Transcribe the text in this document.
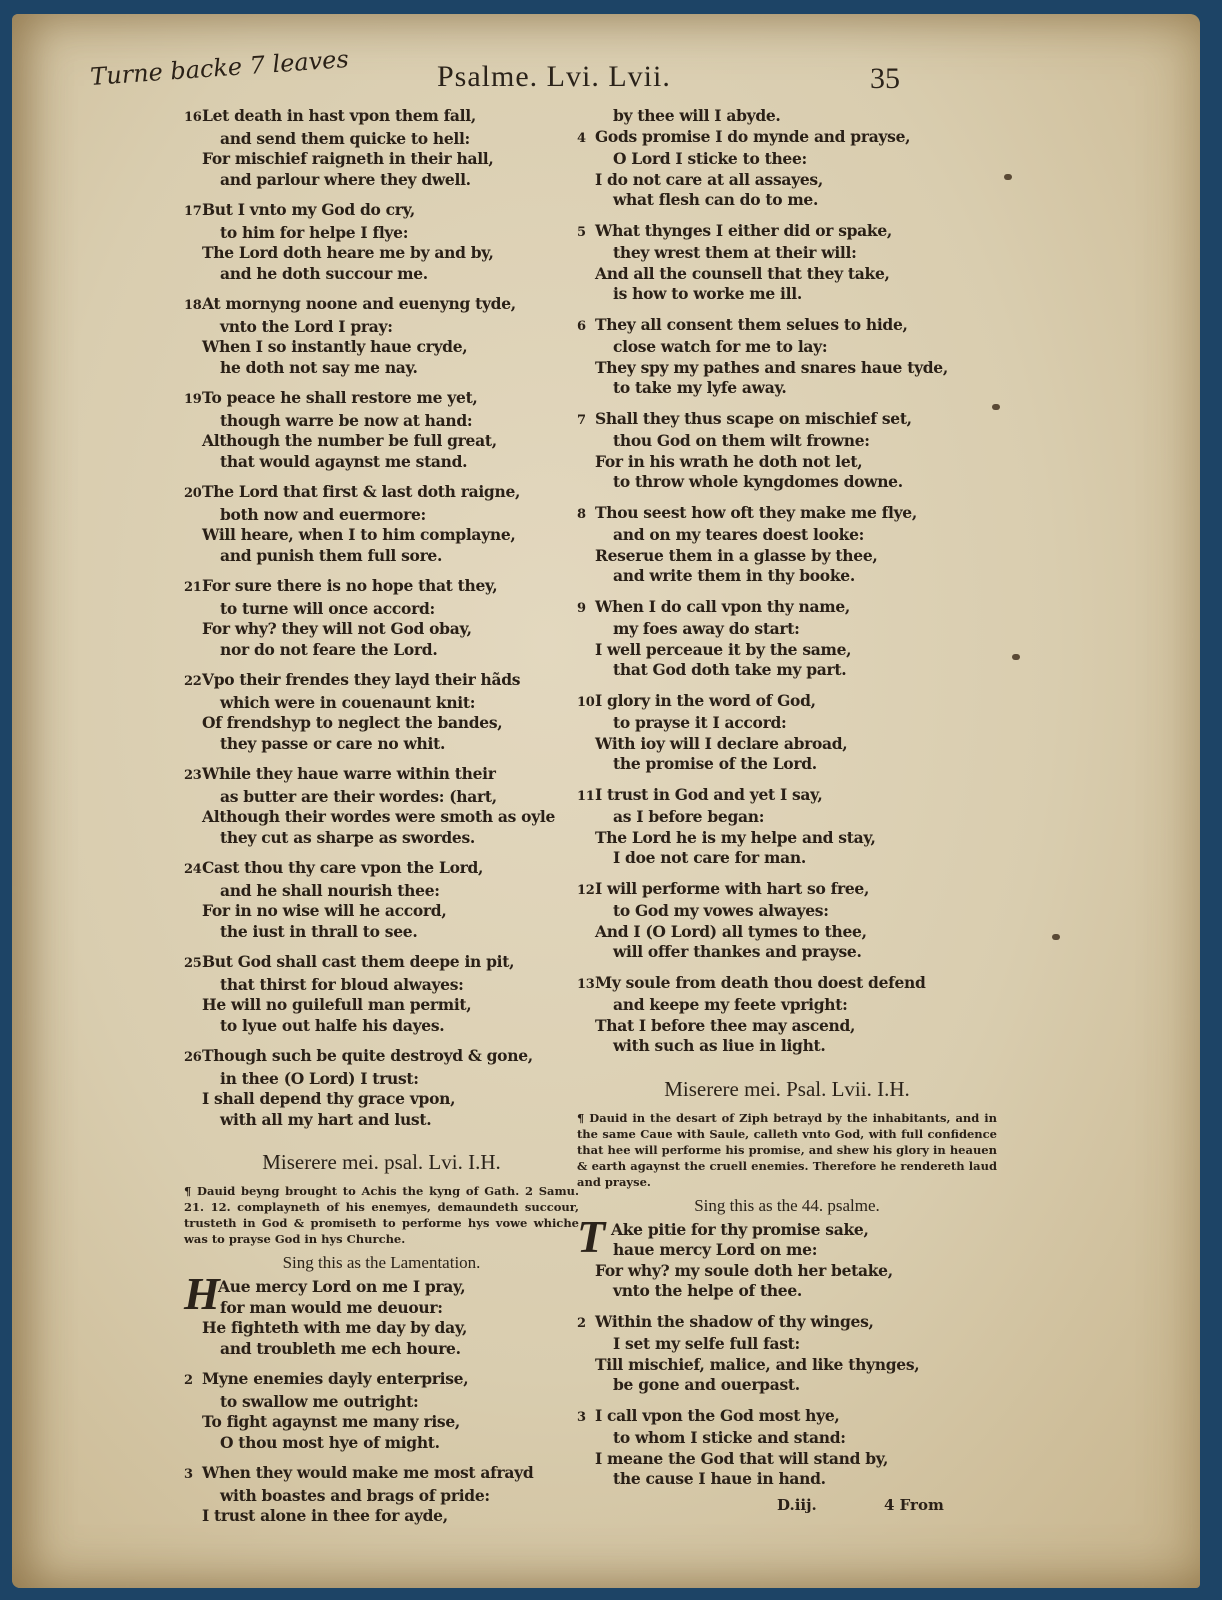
Turne backe 7 leaves	Psalme. Lvi. Lvii.	35
16Let death in hast vpon them fall,
and send them quicke to hell:
For mischief raigneth in their hall,
and parlour where they dwell.
17But I vnto my God do cry,
to him for helpe I flye:
The Lord doth heare me by and by,
and he doth succour me.
18At mornyng noone and euenyng tyde,
vnto the Lord I pray:
When I so instantly haue cryde,
he doth not say me nay.
19To peace he shall restore me yet,
though warre be now at hand:
Although the number be full great,
that would agaynst me stand.
20The Lord that first & last doth raigne,
both now and euermore:
Will heare, when I to him complayne,
and punish them full sore.
21For sure there is no hope that they,
to turne will once accord:
For why? they will not God obay,
nor do not feare the Lord.
22Vpo their frendes they layd their hãds
which were in couenaunt knit:
Of frendshyp to neglect the bandes,
they passe or care no whit.
23While they haue warre within their
as butter are their wordes: (hart,
Although their wordes were smoth as oyle
they cut as sharpe as swordes.
24Cast thou thy care vpon the Lord,
and he shall nourish thee:
For in no wise will he accord,
the iust in thrall to see.
25But God shall cast them deepe in pit,
that thirst for bloud alwayes:
He will no guilefull man permit,
to lyue out halfe his dayes.
26Though such be quite destroyd & gone,
in thee (O Lord) I trust:
I shall depend thy grace vpon,
with all my hart and lust.
Miserere mei. psal. Lvi. I.H.
¶ Dauid beyng brought to Achis the kyng of Gath. 2 Samu. 21. 12. complayneth of his enemyes, demaundeth succour, trusteth in God & promiseth to performe hys vowe whiche was to prayse God in hys Churche.
Sing this as the Lamentation.
H
Aue mercy Lord on me I pray,
for man would me deuour:
He fighteth with me day by day,
and troubleth me ech houre.
2 Myne enemies dayly enterprise,
to swallow me outright:
To fight agaynst me many rise,
O thou most hye of might.
3 When they would make me most afrayd
with boastes and brags of pride:
I trust alone in thee for ayde,
by thee will I abyde.
4 Gods promise I do mynde and prayse,
O Lord I sticke to thee:
I do not care at all assayes,
what flesh can do to me.
5 What thynges I either did or spake,
they wrest them at their will:
And all the counsell that they take,
is how to worke me ill.
6 They all consent them selues to hide,
close watch for me to lay:
They spy my pathes and snares haue tyde,
to take my lyfe away.
7 Shall they thus scape on mischief set,
thou God on them wilt frowne:
For in his wrath he doth not let,
to throw whole kyngdomes downe.
8 Thou seest how oft they make me flye,
and on my teares doest looke:
Reserue them in a glasse by thee,
and write them in thy booke.
9 When I do call vpon thy name,
my foes away do start:
I well perceaue it by the same,
that God doth take my part.
10I glory in the word of God,
to prayse it I accord:
With ioy will I declare abroad,
the promise of the Lord.
11I trust in God and yet I say,
as I before began:
The Lord he is my helpe and stay,
I doe not care for man.
12I will performe with hart so free,
to God my vowes alwayes:
And I (O Lord) all tymes to thee,
will offer thankes and prayse.
13My soule from death thou doest defend
and keepe my feete vpright:
That I before thee may ascend,
with such as liue in light.
Miserere mei. Psal. Lvii. I.H.
¶ Dauid in the desart of Ziph betrayd by the inhabitants, and in the same Caue with Saule, calleth vnto God, with full confidence that hee will performe his promise, and shew his glory in heauen & earth agaynst the cruell enemies. Therefore he rendereth laud and prayse.
Sing this as the 44. psalme.
T Ake pitie for thy promise sake,
haue mercy Lord on me:
For why? my soule doth her betake,
vnto the helpe of thee.
2 Within the shadow of thy winges,
I set my selfe full fast:
Till mischief, malice, and like thynges,
be gone and ouerpast.
3 I call vpon the God most hye,
to whom I sticke and stand:
I meane the God that will stand by,
the cause I haue in hand.
D.iij.	4 From
